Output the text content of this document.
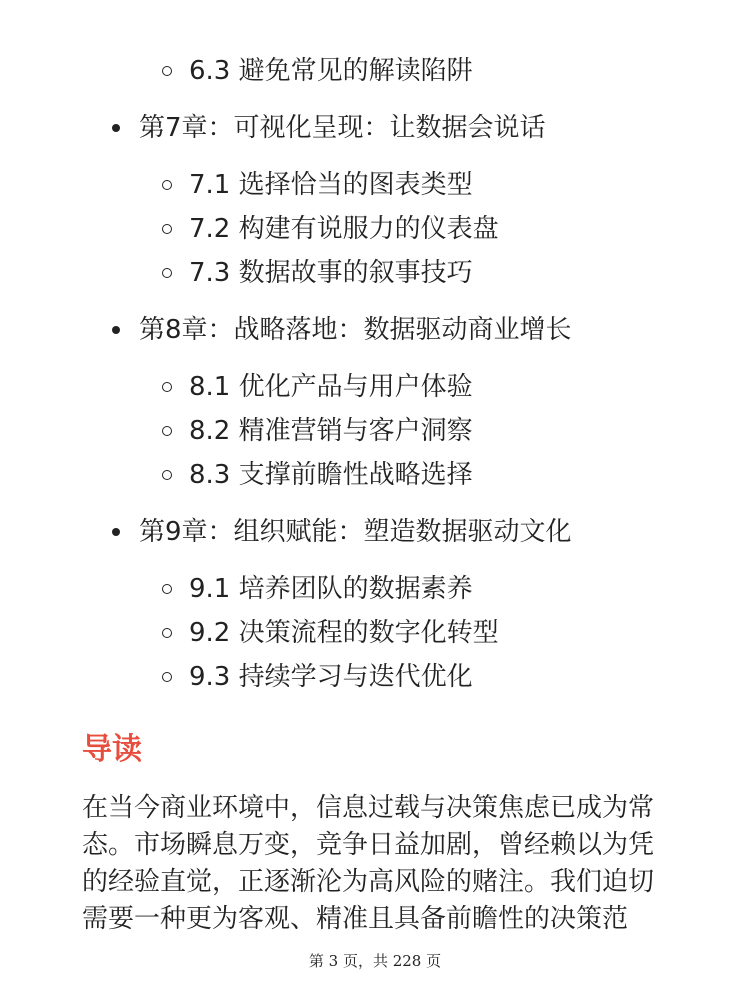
6.3 避免常见的解读陷阱
第7章：可视化呈现：让数据会说话
7.1 选择恰当的图表类型
7.2 构建有说服力的仪表盘
7.3 数据故事的叙事技巧
第8章：战略落地：数据驱动商业增长
8.1 优化产品与用户体验
8.2 精准营销与客户洞察
8.3 支撑前瞻性战略选择
第9章：组织赋能：塑造数据驱动文化
9.1 培养团队的数据素养
9.2 决策流程的数字化转型
9.3 持续学习与迭代优化
导读

在当今商业环境中，信息过载与决策焦虑已成为常
态。市场瞬息万变，竞争日益加剧，曾经赖以为凭
的经验直觉，正逐渐沦为高风险的赌注。我们迫切
需要一种更为客观、精准且具备前瞻性的决策范

第 3 页，共 228 页
